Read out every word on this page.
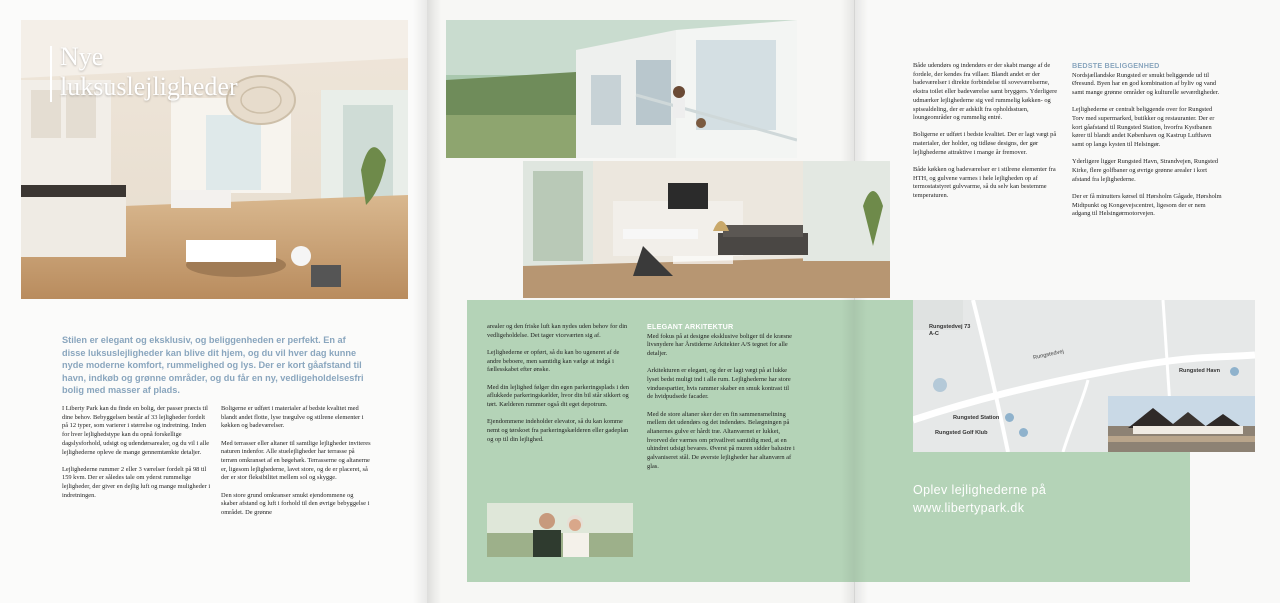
Nye
luksuslejligheder
Stilen er elegant og eksklusiv, og beliggenheden er perfekt. En af disse luksuslejligheder kan blive dit hjem, og du vil hver dag kunne nyde moderne komfort, rummelighed og lys. Der er kort gåafstand til havn, indkøb og grønne områder, og du får en ny, vedligeholdelsesfri bolig med masser af plads.

I Liberty Park kan du finde en bolig, der passer præcis til dine behov. Bebyggelsen består af 33 lejligheder fordelt på 12 typer, som varierer i størrelse og indretning. Inden for hver lejlighedstype kan du opnå forskellige dagslysforhold, udsigt og udendørsarealer, og du vil i alle lejlighederne opleve de mange gennemtænkte detaljer.

Lejlighederne rummer 2 eller 3 værelser fordelt på 98 til 159 kvm. Der er således tale om yderst rummelige lejligheder, der giver en dejlig luft og mange muligheder i indretningen.

Boligerne er udført i materialer af bedste kvalitet med blandt andet flotte, lyse trægulve og stilrene elementer i køkken og badeværelser.

Med terrasser eller altaner til samtlige lejligheder inviteres naturen indenfor. Alle stuelejligheder har terrasse på terræn omkranset af en bøgehæk. Terrasserne og altanerne er, ligesom lejlighederne, lavet store, og de er placeret, så der er stor fleksibilitet mellem sol og skygge.

Den store grund omkranser smukt ejendommene og skaber afstand og luft i forhold til den øvrige bebyggelse i området. De grønne

arealer og den friske luft kan nydes uden behov for din vedligeholdelse. Det tager viceværten sig af.

Lejlighederne er opført, så du kan bo ugeneret af de andre beboere, men samtidig kan vælge at indgå i fællesskabet efter ønske.

Med din lejlighed følger din egen parkeringsplads i den aflukkede parkeringskælder, hvor din bil står sikkert og tørt. Kælderen rummer også dit eget depotrum.

Ejendommene indeholder elevator, så du kan komme nemt og tørskoet fra parkeringskælderen eller gadeplan og op til din lejlighed.

ELEGANT ARKITEKTUR

Med fokus på at designe eksklusive boliger til de kræsne livsnydere har Årstiderne Arkitekter A/S tegnet for alle detaljer.

Arkitekturen er elegant, og der er lagt vægt på at lukke lyset bedst muligt ind i alle rum. Lejlighederne har store vinduespartier, hvis rammer skaber en smuk kontrast til de hvidpudsede facader.

Med de store altaner sker der en fin sammensmeltning mellem det udendørs og det indendørs. Belægningen på altanernes gulve er hårdt træ. Altanværnet er lukket, hvorved der værnes om privatlivet samtidig med, at en uhindret udsigt bevares. Øverst på muren sidder balustre i galvaniseret stål. De øverste lejligheder har altanværn af glas.

Både udendørs og indendørs er der skabt mange af de fordele, der kendes fra villaer. Blandt andet er der badeværelser i direkte forbindelse til soveværelserne, ekstra toilet eller badeværelse samt bryggers. Yderligere udmærker lejlighederne sig ved rummelig køkken- og spisealdeling, der er adskilt fra opholdsstuen, loungeområder og rummelig entré.

Boligerne er udført i bedste kvalitet. Der er lagt vægt på materialer, der holder, og tidløse designs, der gør lejlighederne attraktive i mange år fremover.

Både køkken og badeværelser er i stilrene elementer fra HTH, og gulvene varmes i hele lejligheden op af termostatstyret gulvvarme, så du selv kan bestemme temperaturen.

BEDSTE BELIGGENHED

Nordsjællandske Rungsted er smukt beliggende ud til Øresund. Byen har en god kombination af byliv og vand samt mange grønne områder og kulturelle seværdigheder.

Lejlighederne er centralt beliggende over for Rungsted Torv med supermarked, butikker og restauranter. Der er kort gåafstand til Rungsted Station, hvorfra Kystbanen kører til blandt andet København og Kastrup Lufthavn samt op langs kysten til Helsingør.

Yderligere ligger Rungsted Havn, Strandvejen, Rungsted Kirke, flere golfbaner og øvrige grønne arealer i kort afstand fra lejlighederne.

Der er få minutters kørsel til Hørsholm Gågade, Hørsholm Midtpunkt og Kongevejscentret, ligesom der er nem adgang til Helsingørmotorvejen.

Rungstedvej 73 A-C
Rungstedvej
Rungsted Havn
Rungsted Station
Rungsted Golf Klub
Oplev lejlighederne på
www.libertypark.dk
